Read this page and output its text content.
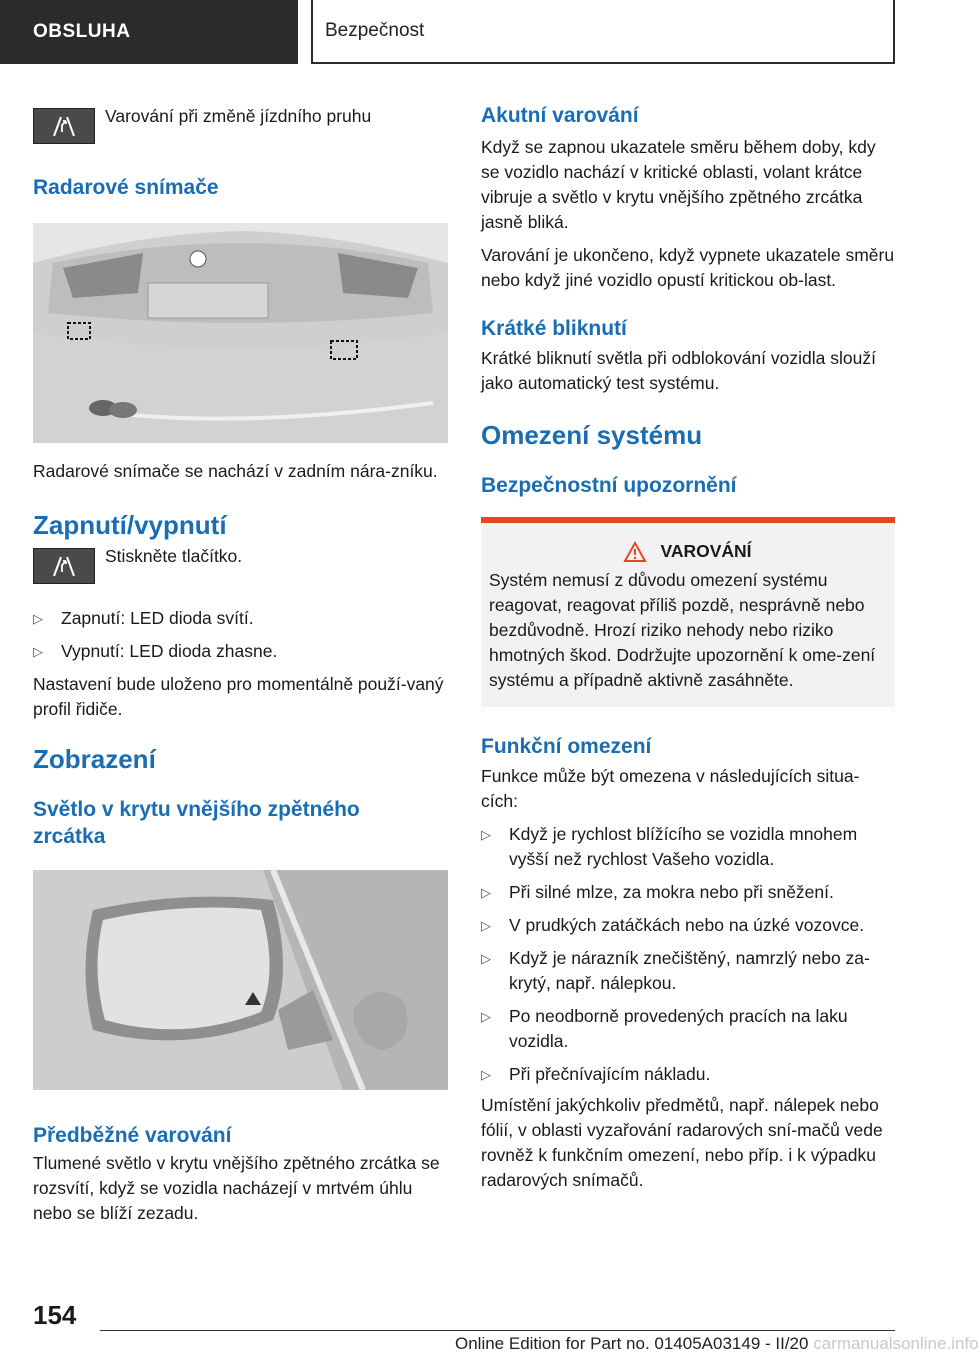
OBSLUHA	Bezpečnost

Varování při změně jízdního pruhu

Radarové snímače

Radarové snímače se nachází v zadním nára-zníku.

Zapnutí/vypnutí

Stiskněte tlačítko.

▷	Zapnutí: LED dioda svítí.

▷	Vypnutí: LED dioda zhasne.

Nastavení bude uloženo pro momentálně použí-vaný profil řidiče.

Zobrazení
Světlo v krytu vnějšího zpětného zrcátka
Předběžné varování

Tlumené světlo v krytu vnějšího zpětného zrcátka se rozsvítí, když se vozidla nacházejí v mrtvém úhlu nebo se blíží zezadu.

Akutní varování

Když se zapnou ukazatele směru během doby, kdy se vozidlo nachází v kritické oblasti, volant krátce vibruje a světlo v krytu vnějšího zpětného zrcátka jasně bliká.

Varování je ukončeno, když vypnete ukazatele směru nebo když jiné vozidlo opustí kritickou ob-last.

Krátké bliknutí

Krátké bliknutí světla při odblokování vozidla slouží jako automatický test systému.

Omezení systému
Bezpečnostní upozornění
VAROVÁNÍ

Systém nemusí z důvodu omezení systému reagovat, reagovat příliš pozdě, nesprávně nebo bezdůvodně. Hrozí riziko nehody nebo riziko hmotných škod. Dodržujte upozornění k ome-zení systému a případně aktivně zasáhněte.

Funkční omezení

Funkce může být omezena v následujících situa-cích:

▷	Když je rychlost blížícího se vozidla mnohem vyšší než rychlost Vašeho vozidla.

▷	Při silné mlze, za mokra nebo při sněžení.

▷	V prudkých zatáčkách nebo na úzké vozovce.

▷	Když je nárazník znečištěný, namrzlý nebo za-krytý, např. nálepkou.

▷	Po neodborně provedených pracích na laku vozidla.

▷	Při přečnívajícím nákladu.

Umístění jakýchkoliv předmětů, např. nálepek nebo fólií, v oblasti vyzařování radarových sní-mačů vede rovněž k funkčním omezení, nebo příp. i k výpadku radarových snímačů.

154
Online Edition for Part no. 01405A03149 - II/20 carmanualsonline.info
